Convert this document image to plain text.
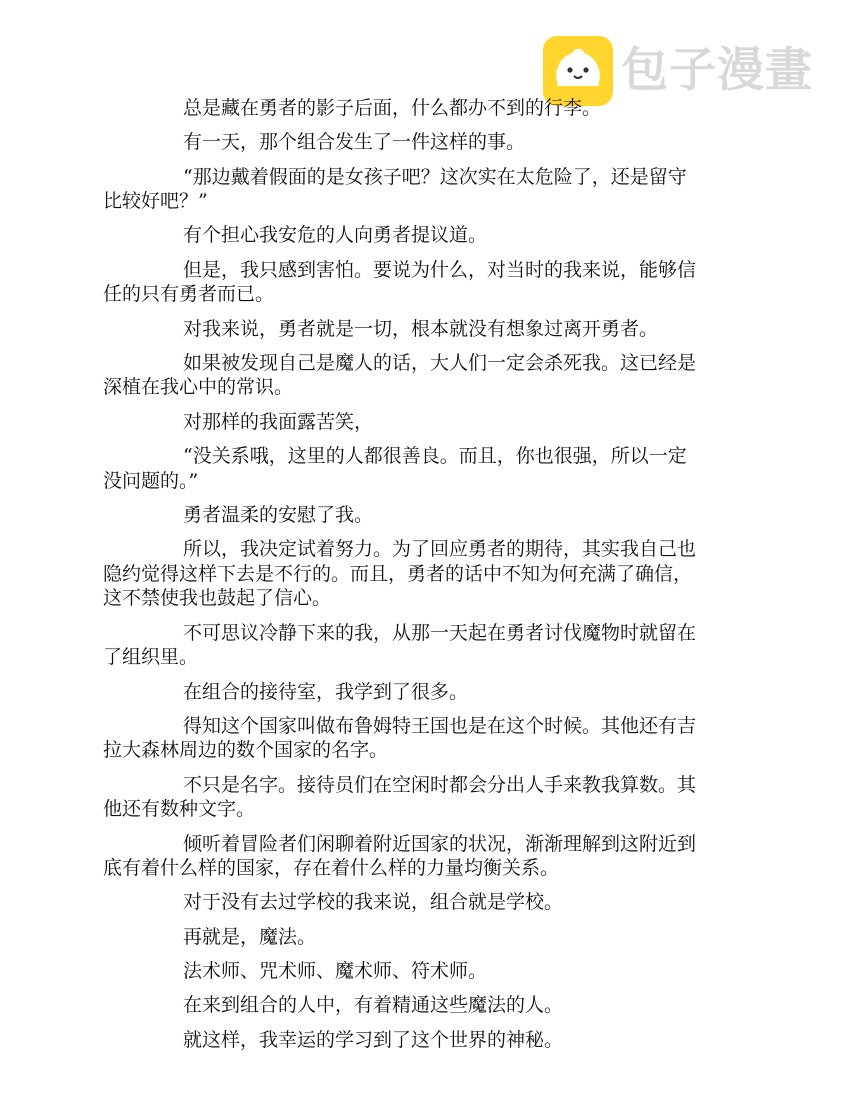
包子漫畫
总是藏在勇者的影子后面，什么都办不到的行李。
有一天，那个组合发生了一件这样的事。
“那边戴着假面的是女孩子吧？这次实在太危险了，还是留守
比较好吧？”
有个担心我安危的人向勇者提议道。
但是，我只感到害怕。要说为什么，对当时的我来说，能够信
任的只有勇者而已。
对我来说，勇者就是一切，根本就没有想象过离开勇者。
如果被发现自己是魔人的话，大人们一定会杀死我。这已经是
深植在我心中的常识。
对那样的我面露苦笑，
“没关系哦，这里的人都很善良。而且，你也很强，所以一定
没问题的。”
勇者温柔的安慰了我。
所以，我决定试着努力。为了回应勇者的期待，其实我自己也
隐约觉得这样下去是不行的。而且，勇者的话中不知为何充满了确信，
这不禁使我也鼓起了信心。
不可思议冷静下来的我，从那一天起在勇者讨伐魔物时就留在
了组织里。
在组合的接待室，我学到了很多。
得知这个国家叫做布鲁姆特王国也是在这个时候。其他还有吉
拉大森林周边的数个国家的名字。
不只是名字。接待员们在空闲时都会分出人手来教我算数。其
他还有数种文字。
倾听着冒险者们闲聊着附近国家的状况，渐渐理解到这附近到
底有着什么样的国家，存在着什么样的力量均衡关系。
对于没有去过学校的我来说，组合就是学校。
再就是，魔法。
法术师、咒术师、魔术师、符术师。
在来到组合的人中，有着精通这些魔法的人。
就这样，我幸运的学习到了这个世界的神秘。
